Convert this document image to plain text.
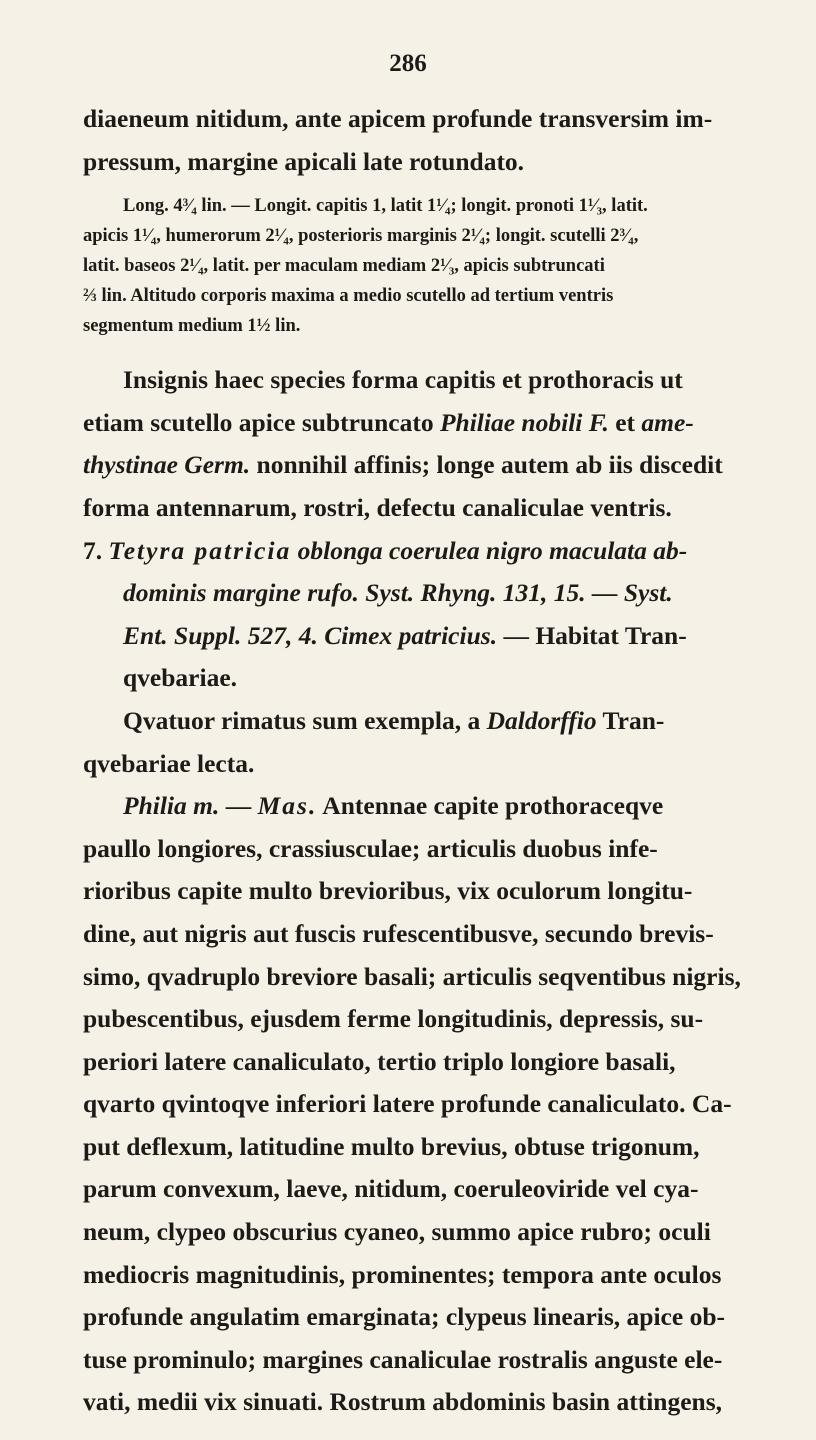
286

diaeneum nitidum, ante apicem profunde transversim im-
pressum, margine apicali late rotundato.

Long. 4³⁄₄ lin. — Longit. capitis 1, latit 1¹⁄₄; longit. pronoti 1¹⁄₃, latit.
apicis 1¹⁄₄, humerorum 2¹⁄₄, posterioris marginis 2¹⁄₄; longit. scutelli 2³⁄₄,
latit. baseos 2¹⁄₄, latit. per maculam mediam 2¹⁄₃, apicis subtruncati
⅔ lin. Altitudo corporis maxima a medio scutello ad tertium ventris
segmentum medium 1½ lin.

Insignis haec species forma capitis et prothoracis ut
etiam scutello apice subtruncato Philiae nobili F. et ame-
thystinae Germ. nonnihil affinis; longe autem ab iis discedit
forma antennarum, rostri, defectu canaliculae ventris.

7. Tetyra patricia oblonga coerulea nigro maculata ab-
dominis margine rufo. Syst. Rhyng. 131, 15. — Syst.
Ent. Suppl. 527, 4. Cimex patricius. — Habitat Tran-
qvebariae.

Qvatuor rimatus sum exempla, a Daldorffio Tran-
qvebariae lecta.

Philia m. — Mas. Antennae capite prothoraceqve
paullo longiores, crassiusculae; articulis duobus infe-
rioribus capite multo brevioribus, vix oculorum longitu-
dine, aut nigris aut fuscis rufescentibusve, secundo brevis-
simo, qvadruplo breviore basali; articulis seqventibus nigris,
pubescentibus, ejusdem ferme longitudinis, depressis, su-
periori latere canaliculato, tertio triplo longiore basali,
qvarto qvintoqve inferiori latere profunde canaliculato. Ca-
put deflexum, latitudine multo brevius, obtuse trigonum,
parum convexum, laeve, nitidum, coeruleoviride vel cya-
neum, clypeo obscurius cyaneo, summo apice rubro; oculi
mediocris magnitudinis, prominentes; tempora ante oculos
profunde angulatim emarginata; clypeus linearis, apice ob-
tuse prominulo; margines canaliculae rostralis anguste ele-
vati, medii vix sinuati. Rostrum abdominis basin attingens,
